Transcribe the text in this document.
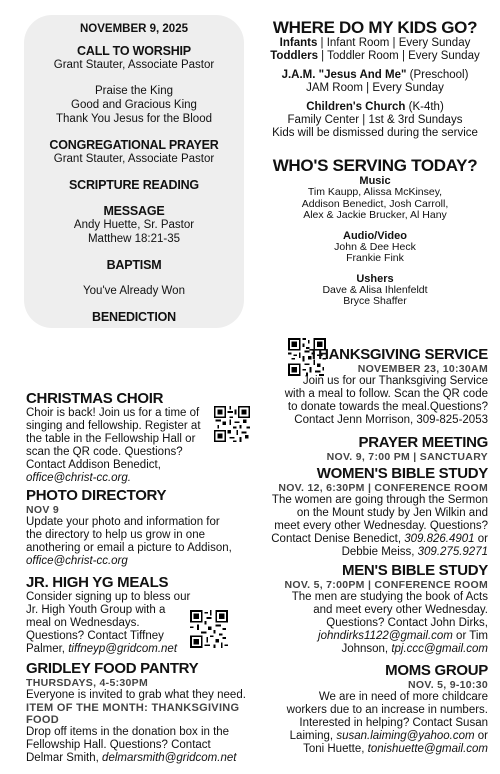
NOVEMBER 9, 2025
CALL TO WORSHIP
Grant Stauter, Associate Pastor
Praise the King
Good and Gracious King
Thank You Jesus for the Blood
CONGREGATIONAL PRAYER
Grant Stauter, Associate Pastor
SCRIPTURE READING
MESSAGE
Andy Huette, Sr. Pastor
Matthew 18:21-35
BAPTISM
You've Already Won
BENEDICTION
WHERE DO MY KIDS GO?
Infants | Infant Room | Every Sunday
Toddlers | Toddler Room | Every Sunday
J.A.M. "Jesus And Me" (Preschool)
JAM Room | Every Sunday
Children's Church (K-4th)
Family Center | 1st & 3rd Sundays
Kids will be dismissed during the service
WHO'S SERVING TODAY?
Music
Tim Kaupp, Alissa McKinsey,
Addison Benedict, Josh Carroll,
Alex & Jackie Brucker, Al Hany
Audio/Video
John & Dee Heck
Frankie Fink
Ushers
Dave & Alisa Ihlenfeldt
Bryce Shaffer
THANKSGIVING SERVICE
NOVEMBER 23, 10:30AM
Join us for our Thanksgiving Service
with a meal to follow. Scan the QR code
to donate towards the meal.Questions?
Contact Jenn Morrison, 309-825-2053
PRAYER MEETING
NOV. 9, 7:00 PM | SANCTUARY
WOMEN'S BIBLE STUDY
NOV. 12, 6:30PM | CONFERENCE ROOM
The women are going through the Sermon
on the Mount study by Jen Wilkin and
meet every other Wednesday. Questions?
Contact Denise Benedict, 309.826.4901 or
Debbie Meiss, 309.275.9271
MEN'S BIBLE STUDY
NOV. 5, 7:00PM | CONFERENCE ROOM
The men are studying the book of Acts
and meet every other Wednesday.
Questions? Contact John Dirks,
johndirks1122@gmail.com or Tim
Johnson, tpj.ccc@gmail.com
MOMS GROUP
NOV. 5, 9-10:30
We are in need of more childcare
workers due to an increase in numbers.
Interested in helping? Contact Susan
Laiming, susan.laiming@yahoo.com or
Toni Huette, tonishuette@gmail.com
CHRISTMAS CHOIR
Choir is back! Join us for a time of
singing and fellowship. Register at
the table in the Fellowship Hall or
scan the QR code. Questions?
Contact Addison Benedict,
office@christ-cc.org.
PHOTO DIRECTORY
NOV 9
Update your photo and information for
the directory to help us grow in one
anothering or email a picture to Addison,
office@christ-cc.org
JR. HIGH YG MEALS
Consider signing up to bless our
Jr. High Youth Group with a
meal on Wednesdays.
Questions? Contact Tiffney
Palmer, tiffneyp@gridcom.net
GRIDLEY FOOD PANTRY
THURSDAYS, 4-5:30PM
Everyone is invited to grab what they need.
ITEM OF THE MONTH: THANKSGIVING FOOD
Drop off items in the donation box in the
Fellowship Hall. Questions? Contact
Delmar Smith, delmarsmith@gridcom.net
